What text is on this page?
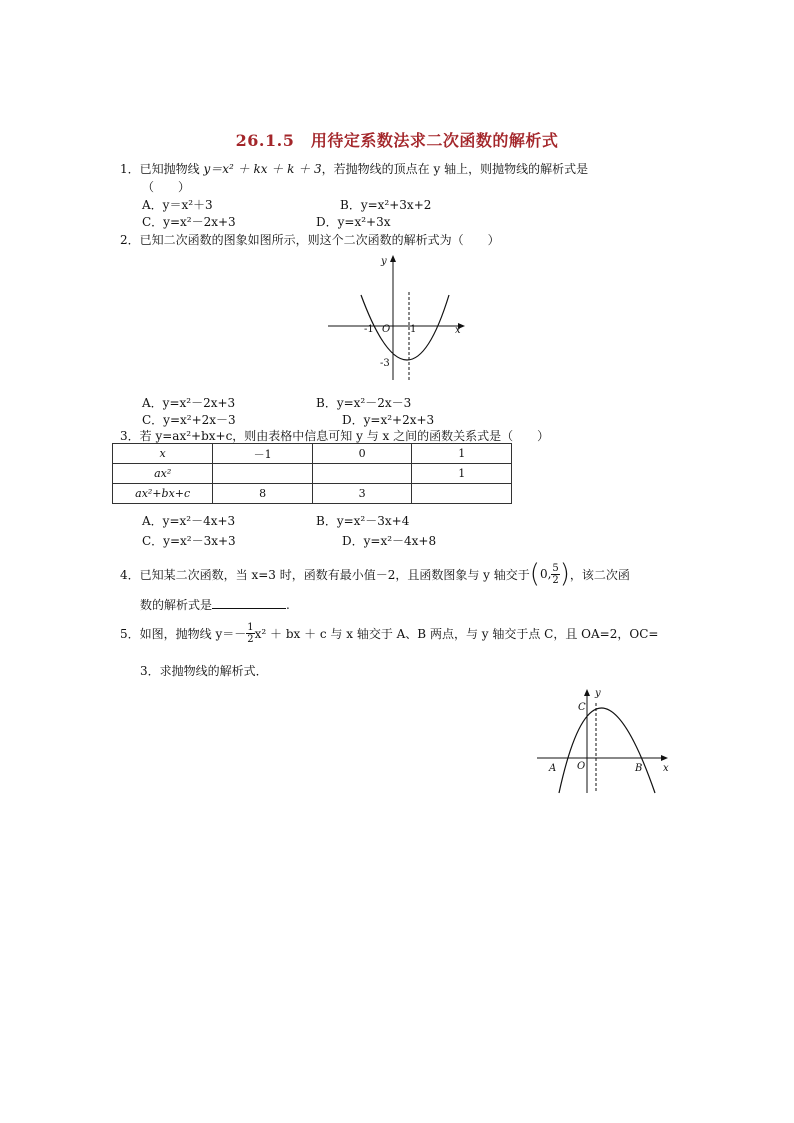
26.1.5　用待定系数法求二次函数的解析式
1．已知抛物线 y＝x² ＋ kx ＋ k ＋ 3，若抛物线的顶点在 y 轴上，则抛物线的解析式是
（　　）
A．y＝x²＋3	B．y=x²+3x+2
C．y=x²－2x+3	D．y=x²+3x
2．已知二次函数的图象如图所示，则这个二次函数的解析式为（　　）
y
x
O
-1	1
-3
A．y=x²－2x+3	B．y=x²－2x－3
C．y=x²+2x－3	D．y=x²+2x+3
3．若 y=ax²+bx+c，则由表格中信息可知 y 与 x 之间的函数关系式是（　　）
x	－1	0	1
ax²			1
ax²+bx+c	8	3	
A．y=x²－4x+3	B．y=x²－3x+4
C．y=x²－3x+3	D．y=x²－4x+8
4．已知某二次函数，当 x=3 时，函数有最小值－2，且函数图象与 y 轴交于 ( 0, $\frac{5}{2}$ ) ，该二次函
数的解析式是	.
5．如图，抛物线 $y=- \frac{1}{2} x^2$ ＋ bx ＋ c 与 x 轴交于 A、B 两点，与 y 轴交于点 C，且 OA=2，OC=
3．求抛物线的解析式．
y
x
O
A	B
C
